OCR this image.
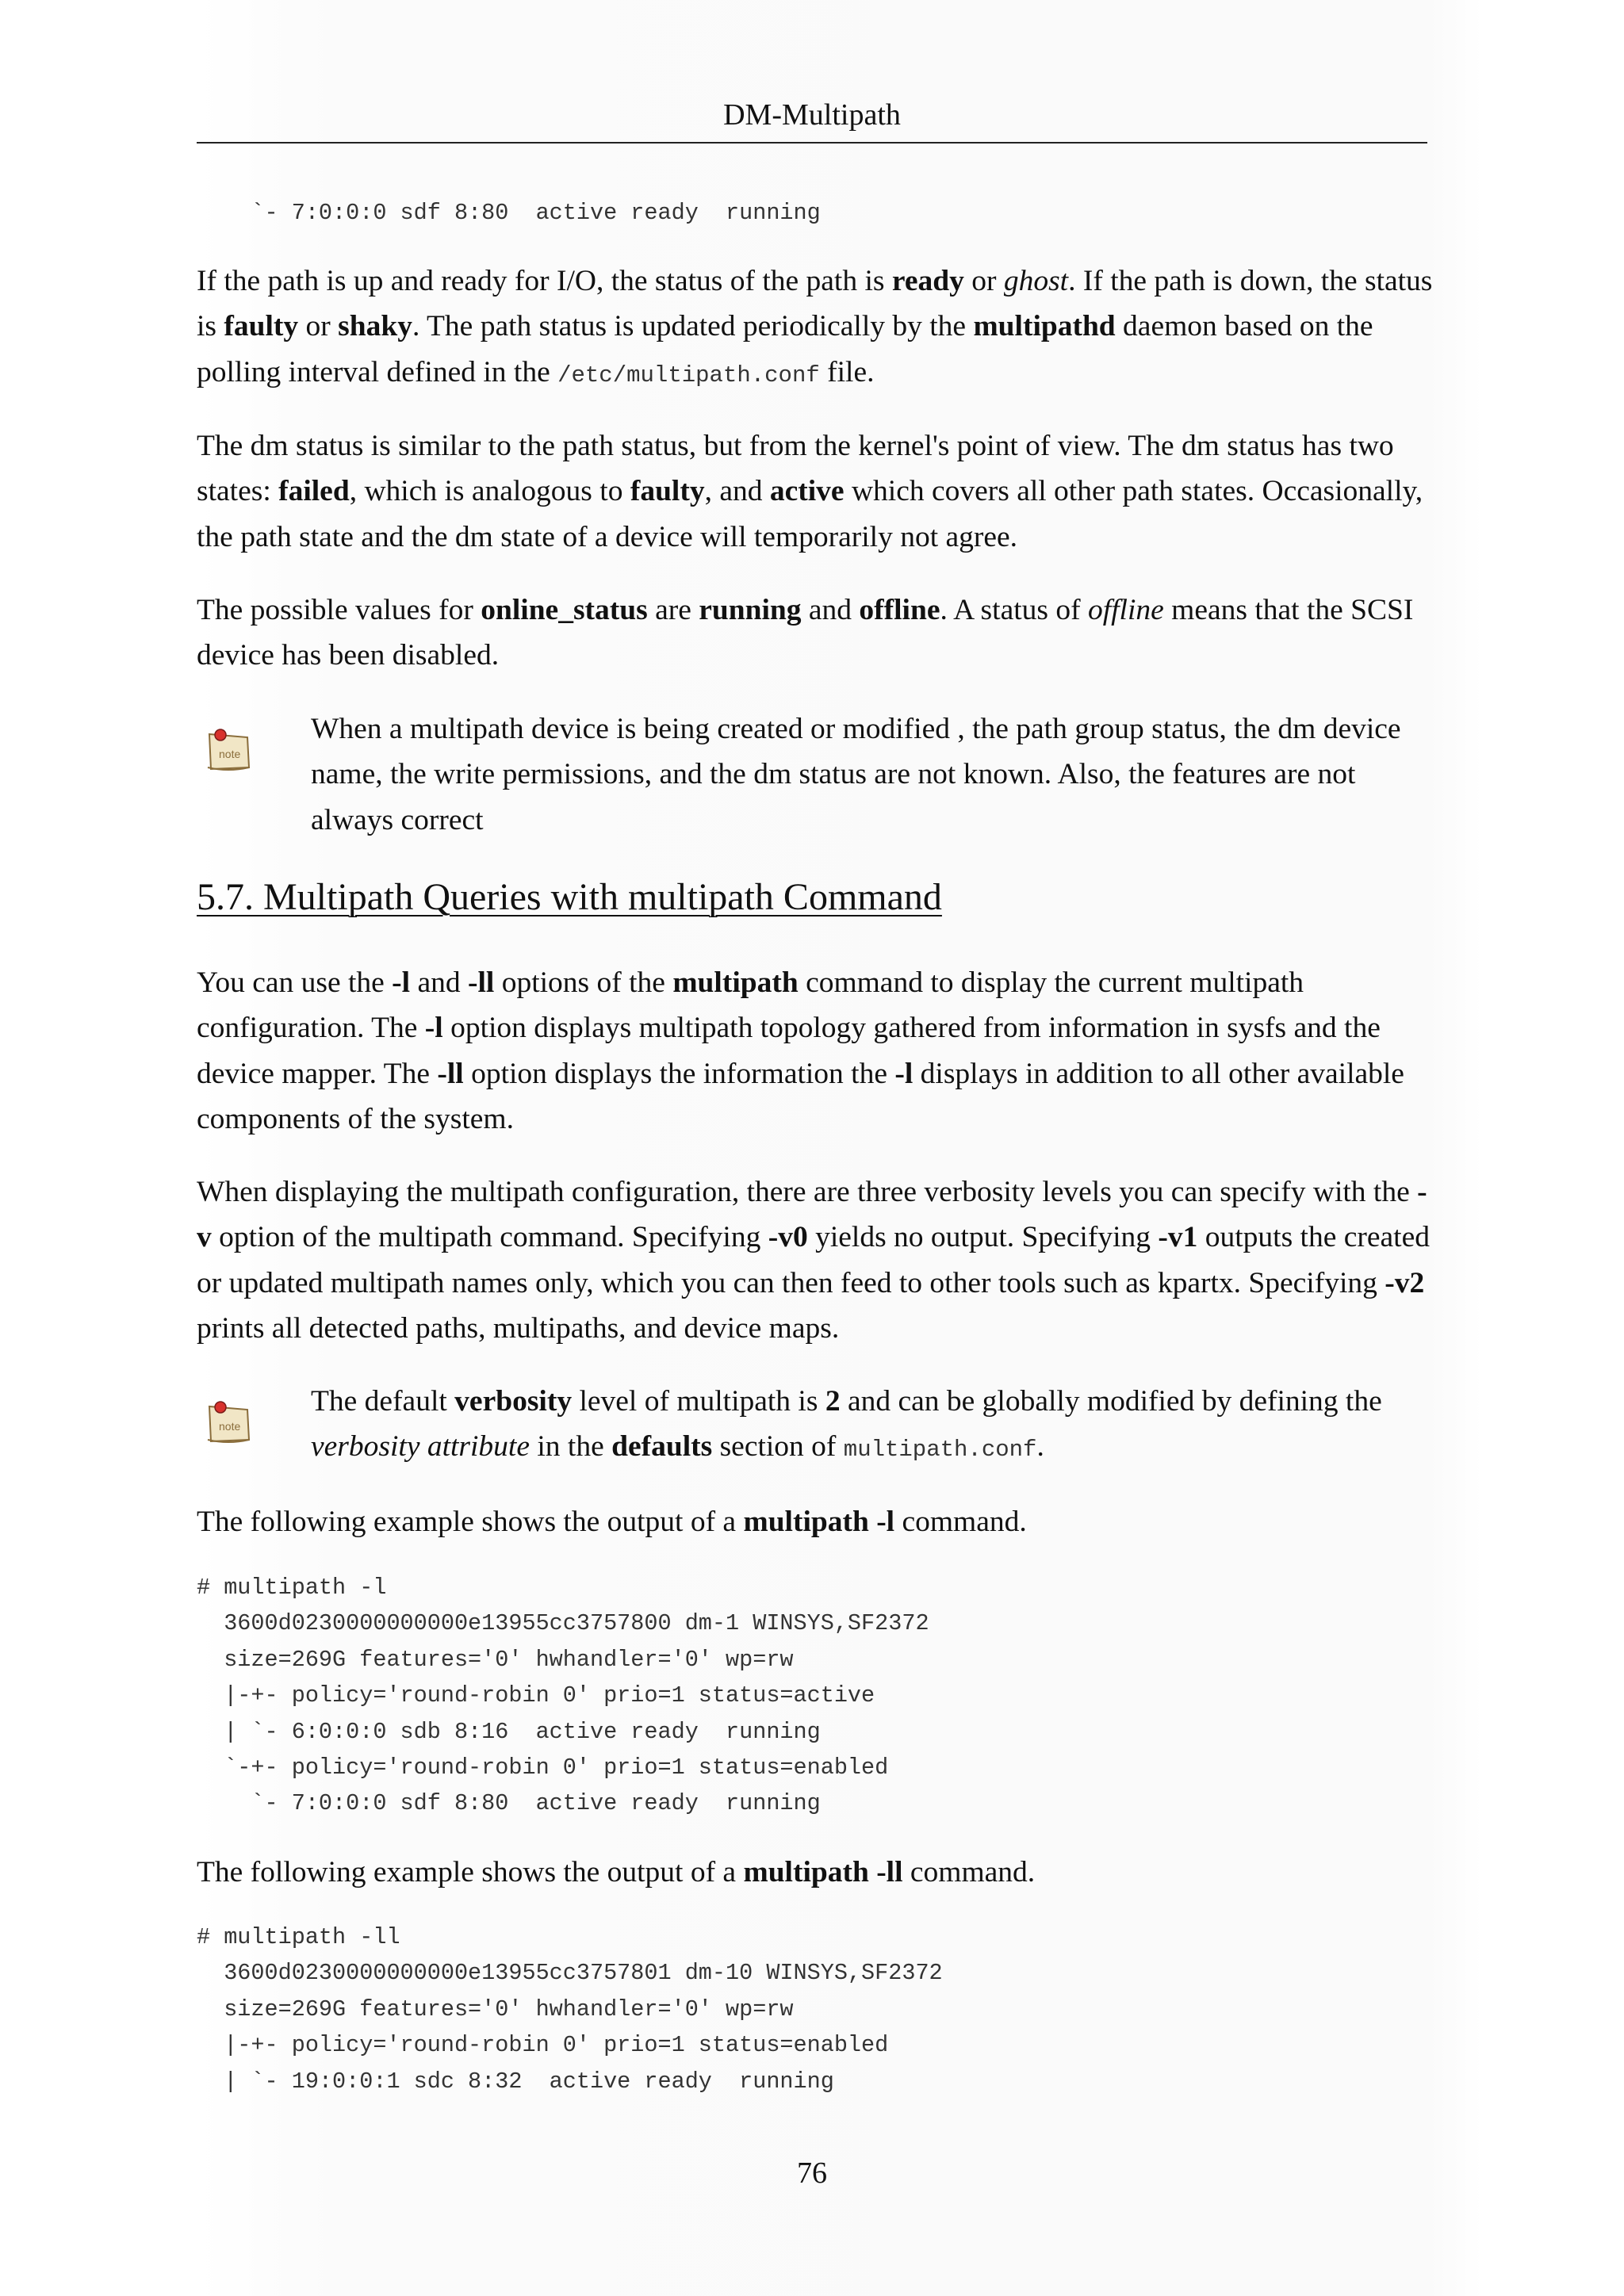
DM-Multipath
`- 7:0:0:0 sdf 8:80  active ready  running

If the path is up and ready for I/O, the status of the path is ready or ghost. If the path is down, the status is faulty or shaky. The path status is updated periodically by the multipathd daemon based on the polling interval defined in the /etc/multipath.conf file.

The dm status is similar to the path status, but from the kernel's point of view. The dm status has two states: failed, which is analogous to faulty, and active which covers all other path states. Occasionally, the path state and the dm state of a device will temporarily not agree.

The possible values for online_status are running and offline. A status of offline means that the SCSI device has been disabled.

note

When a multipath device is being created or modified , the path group status, the dm device name, the write permissions, and the dm status are not known. Also, the features are not always correct

5.7. Multipath Queries with multipath Command

You can use the -l and -ll options of the multipath command to display the current multipath configuration. The -l option displays multipath topology gathered from information in sysfs and the device mapper. The -ll option displays the information the -l displays in addition to all other available components of the system.

When displaying the multipath configuration, there are three verbosity levels you can specify with the -v option of the multipath command. Specifying -v0 yields no output. Specifying -v1 outputs the created or updated multipath names only, which you can then feed to other tools such as kpartx. Specifying -v2 prints all detected paths, multipaths, and device maps.

note

The default verbosity level of multipath is 2 and can be globally modified by defining the verbosity attribute in the defaults section of multipath.conf.

The following example shows the output of a multipath -l command.

# multipath -l
3600d0230000000000e13955cc3757800 dm-1 WINSYS,SF2372
size=269G features='0' hwhandler='0' wp=rw
|-+- policy='round-robin 0' prio=1 status=active
| `- 6:0:0:0 sdb 8:16  active ready  running
`-+- policy='round-robin 0' prio=1 status=enabled
`- 7:0:0:0 sdf 8:80  active ready  running

The following example shows the output of a multipath -ll command.

# multipath -ll
3600d0230000000000e13955cc3757801 dm-10 WINSYS,SF2372
size=269G features='0' hwhandler='0' wp=rw
|-+- policy='round-robin 0' prio=1 status=enabled
| `- 19:0:0:1 sdc 8:32  active ready  running
76
